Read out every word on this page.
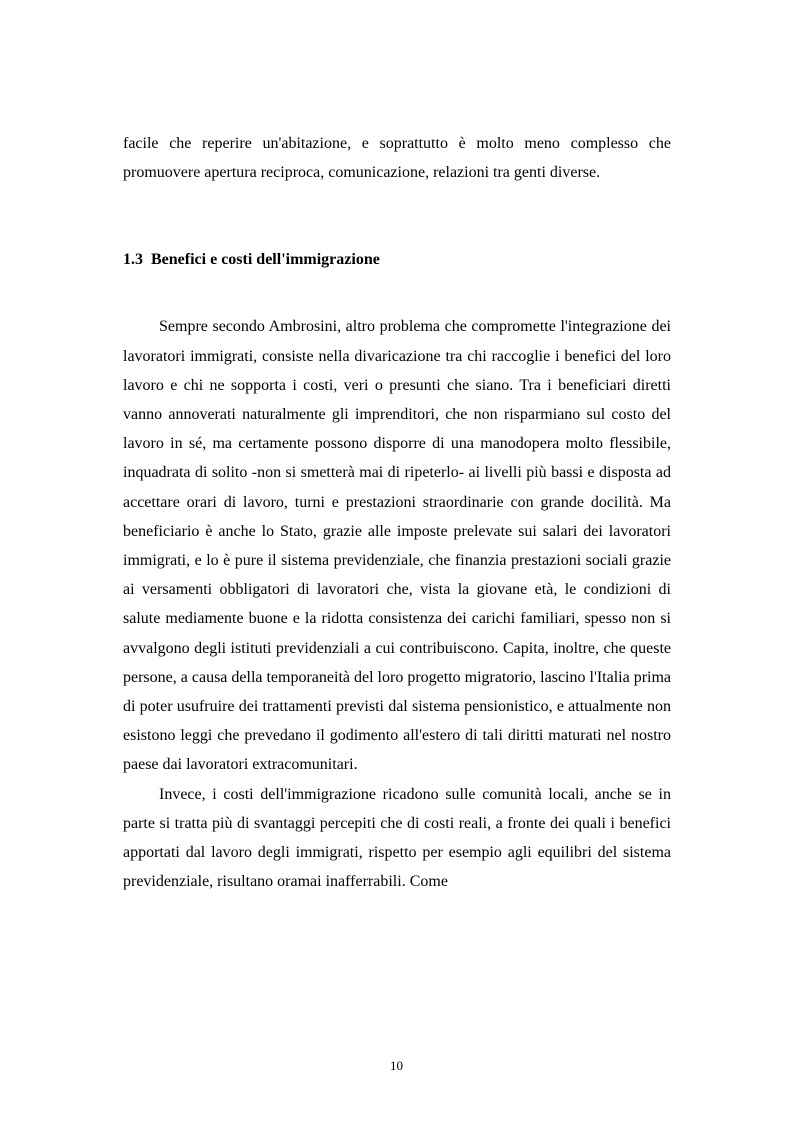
facile che reperire un'abitazione, e soprattutto è molto meno complesso che promuovere apertura reciproca, comunicazione, relazioni tra genti diverse.

1.3 Benefici e costi dell'immigrazione

Sempre secondo Ambrosini, altro problema che compromette l'integrazione dei lavoratori immigrati, consiste nella divaricazione tra chi raccoglie i benefici del loro lavoro e chi ne sopporta i costi, veri o presunti che siano. Tra i beneficiari diretti vanno annoverati naturalmente gli imprenditori, che non risparmiano sul costo del lavoro in sé, ma certamente possono disporre di una manodopera molto flessibile, inquadrata di solito -non si smetterà mai di ripeterlo- ai livelli più bassi e disposta ad accettare orari di lavoro, turni e prestazioni straordinarie con grande docilità. Ma beneficiario è anche lo Stato, grazie alle imposte prelevate sui salari dei lavoratori immigrati, e lo è pure il sistema previdenziale, che finanzia prestazioni sociali grazie ai versamenti obbligatori di lavoratori che, vista la giovane età, le condizioni di salute mediamente buone e la ridotta consistenza dei carichi familiari, spesso non si avvalgono degli istituti previdenziali a cui contribuiscono. Capita, inoltre, che queste persone, a causa della temporaneità del loro progetto migratorio, lascino l'Italia prima di poter usufruire dei trattamenti previsti dal sistema pensionistico, e attualmente non esistono leggi che prevedano il godimento all'estero di tali diritti maturati nel nostro paese dai lavoratori extracomunitari.

Invece, i costi dell'immigrazione ricadono sulle comunità locali, anche se in parte si tratta più di svantaggi percepiti che di costi reali, a fronte dei quali i benefici apportati dal lavoro degli immigrati, rispetto per esempio agli equilibri del sistema previdenziale, risultano oramai inafferrabili. Come

10
